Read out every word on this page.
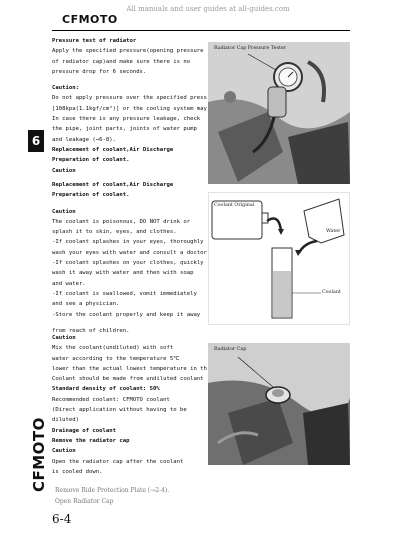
All manuals and user guides at all-guides.com
CFMOTO
6
CFMOTO
Pressure test of radiator
Apply the specified pressure(opening pressure
of radiator cap)and make sure there is no
pressure drop for 6 seconds.
Caution:
Do not apply pressure over the specified press
[108kpa(1.1kgf/cm²)] or the cooling system may
In case there is any pressure leakage, check
the pipe, joint parts, joints of water pump
and leakage (→6-8).
Replacement of coolant,Air Discharge
Preparation of coolant.
Caution
Replacement of coolant,Air Discharge
Preparation of coolant.
Caution
The coolant is poisonous, DO NOT drink or
splash it to skin, eyes, and clothes.
-If coolant splashes in your eyes, thoroughly
wash your eyes with water and consult a doctor
-If coolant splashes on your clothes, quickly
wash it away with water and then with soap
and water.
-If coolant is swallowed, vomit immediately
and see a physician.
-Store the coolant properly and keep it away
from reach of children.
Caution
Mix the coolant(undiluted) with soft
water according to the temperature 5℃
lower than the actual lowest temperature in th
Coolant should be made from undiluted coolant
Standard density of coolant: 50%
Recommended coolant: CFMOTO coolant
(Direct application without having to be
diluted)
Drainage of coolant
Remove the radiator cap
Caution
Open the radiator cap after the coolant
is cooled down.
Radiator Cap Pressure Tester
Coolant Original
Water
Coolant
Radiator Cap
Remove Ride Protection Plate (→2-4).
Open Radiator Cap
6-4
